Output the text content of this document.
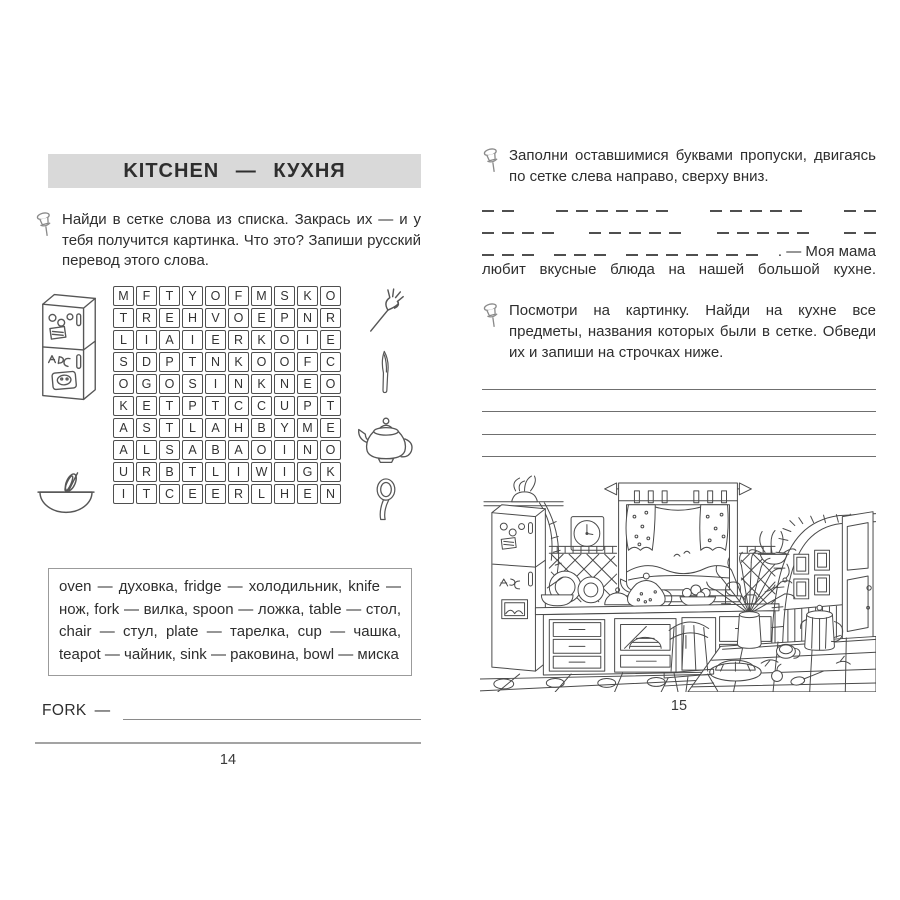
KITCHEN — КУХНЯ

Найди в сетке слова из списка. Закрась их — и у тебя получится картинка. Что это? Запиши русский перевод этого слова.

M	F	T	Y	O	F	M	S	K	O
T	R	E	H	V	O	E	P	N	R
L	I	A	I	E	R	K	O	I	E
S	D	P	T	N	K	O	O	F	C
O	G	O	S	I	N	K	N	E	O
K	E	T	P	T	C	C	U	P	T
A	S	T	L	A	H	B	Y	M	E
A	L	S	A	B	A	O	I	N	O
U	R	B	T	L	I	W	I	G	K
I	T	C	E	E	R	L	H	E	N

oven — духовка, fridge — холодильник, knife — нож, fork — вилка, spoon — ложка, table — стол, chair — стул, plate — тарелка, cup — чашка, teapot — чайник, sink — раковина, bowl — миска

FORK —
14

Заполни оставшимися буквами пропуски, двигаясь по сетке слева направо, сверху вниз.

. — Моя мама
любит вкусные блюда на нашей большой кухне.

Посмотри на картинку. Найди на кухне все предметы, названия которых были в сетке. Обведи их и запиши на строчках ниже.

15
